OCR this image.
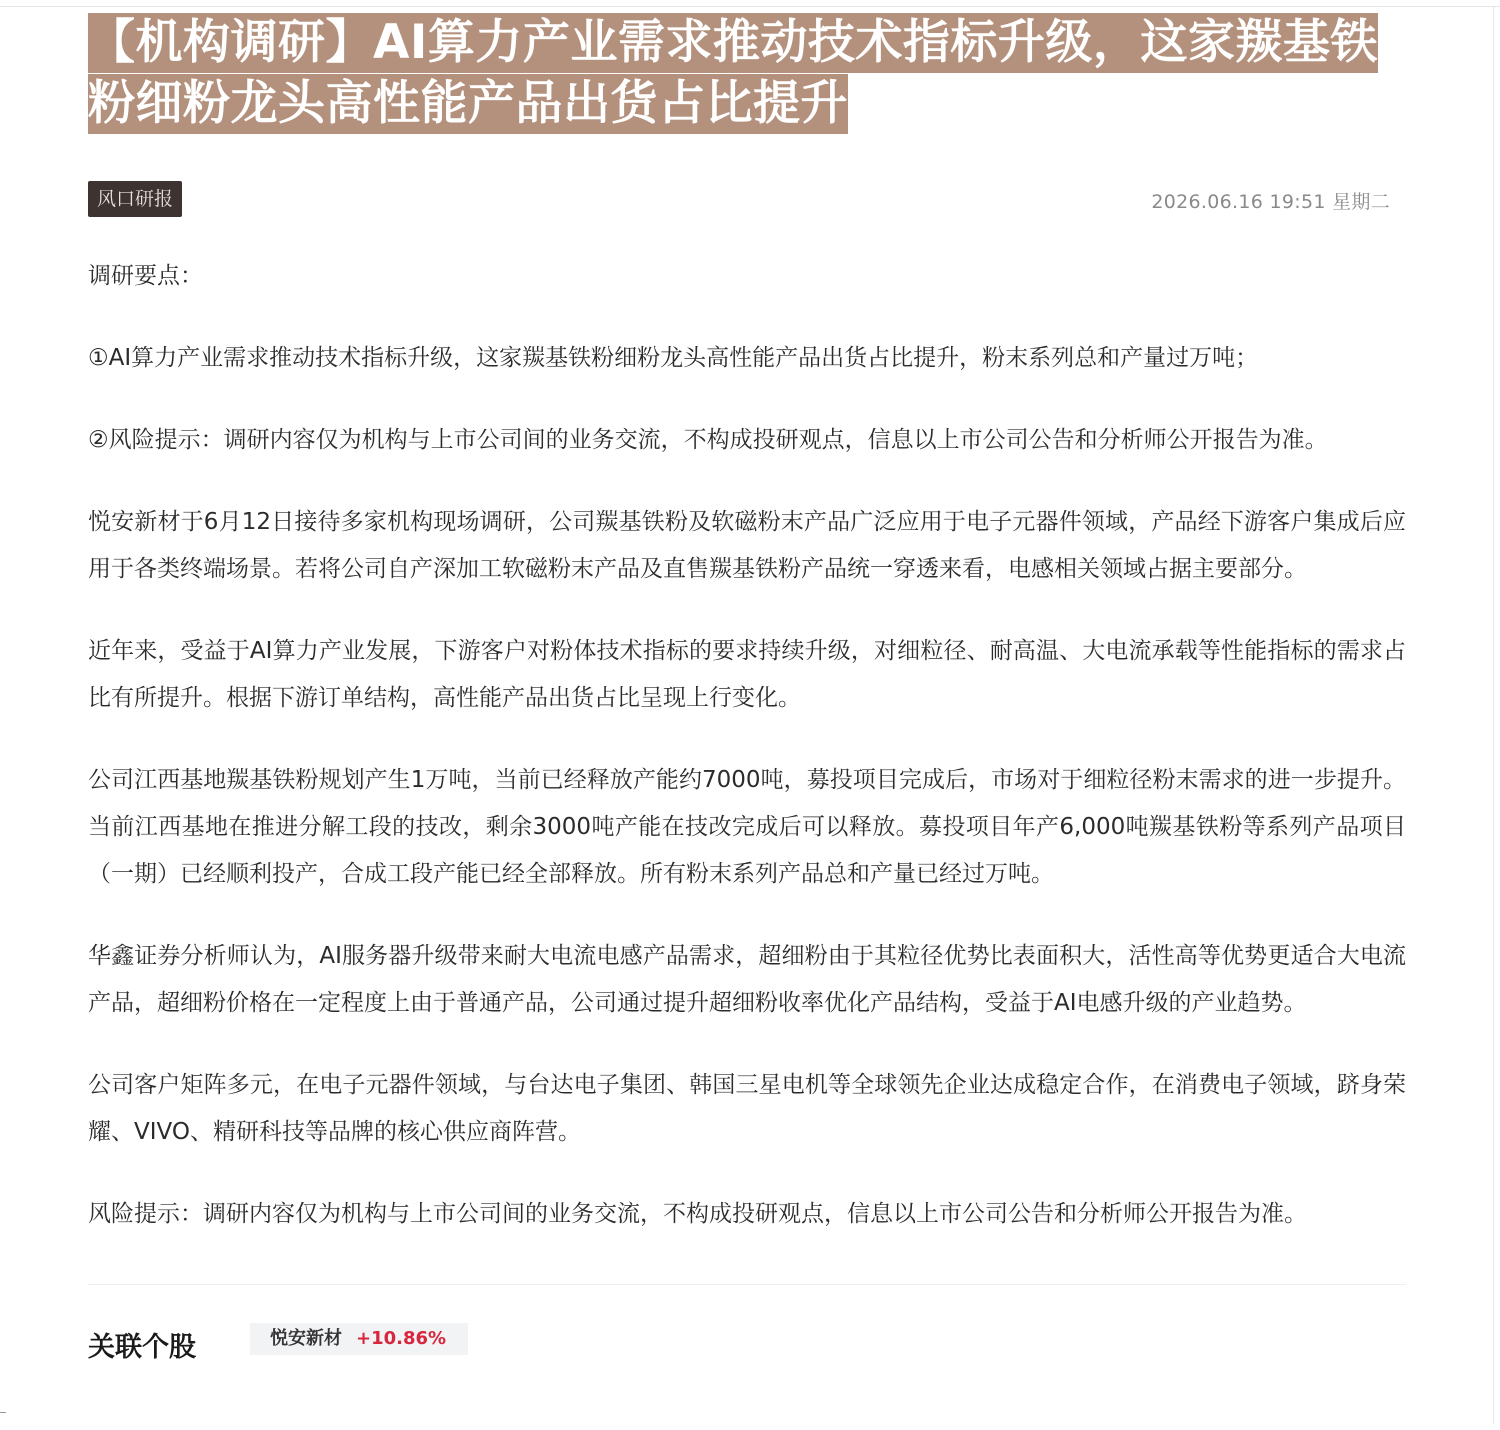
【机构调研】AI算力产业需求推动技术指标升级，这家羰基铁粉细粉龙头高性能产品出货占比提升
风口研报	2026.06.16 19:51 星期二

调研要点：

①AI算力产业需求推动技术指标升级，这家羰基铁粉细粉龙头高性能产品出货占比提升，粉末系列总和产量过万吨；

②风险提示：调研内容仅为机构与上市公司间的业务交流，不构成投研观点，信息以上市公司公告和分析师公开报告为准。

悦安新材于6月12日接待多家机构现场调研，公司羰基铁粉及软磁粉末产品广泛应用于电子元器件领域，产品经下游客户集成后应用于各类终端场景。若将公司自产深加工软磁粉末产品及直售羰基铁粉产品统一穿透来看，电感相关领域占据主要部分。

近年来，受益于AI算力产业发展，下游客户对粉体技术指标的要求持续升级，对细粒径、耐高温、大电流承载等性能指标的需求占比有所提升。根据下游订单结构，高性能产品出货占比呈现上行变化。

公司江西基地羰基铁粉规划产生1万吨，当前已经释放产能约7000吨，募投项目完成后，市场对于细粒径粉末需求的进一步提升。当前江西基地在推进分解工段的技改，剩余3000吨产能在技改完成后可以释放。募投项目年产6,000吨羰基铁粉等系列产品项目（一期）已经顺利投产，合成工段产能已经全部释放。所有粉末系列产品总和产量已经过万吨。

华鑫证券分析师认为，AI服务器升级带来耐大电流电感产品需求，超细粉由于其粒径优势比表面积大，活性高等优势更适合大电流产品，超细粉价格在一定程度上由于普通产品，公司通过提升超细粉收率优化产品结构，受益于AI电感升级的产业趋势。

公司客户矩阵多元，在电子元器件领域，与台达电子集团、韩国三星电机等全球领先企业达成稳定合作，在消费电子领域，跻身荣耀、VIVO、精研科技等品牌的核心供应商阵营。

风险提示：调研内容仅为机构与上市公司间的业务交流，不构成投研观点，信息以上市公司公告和分析师公开报告为准。

关联个股	悦安新材 +10.86%
